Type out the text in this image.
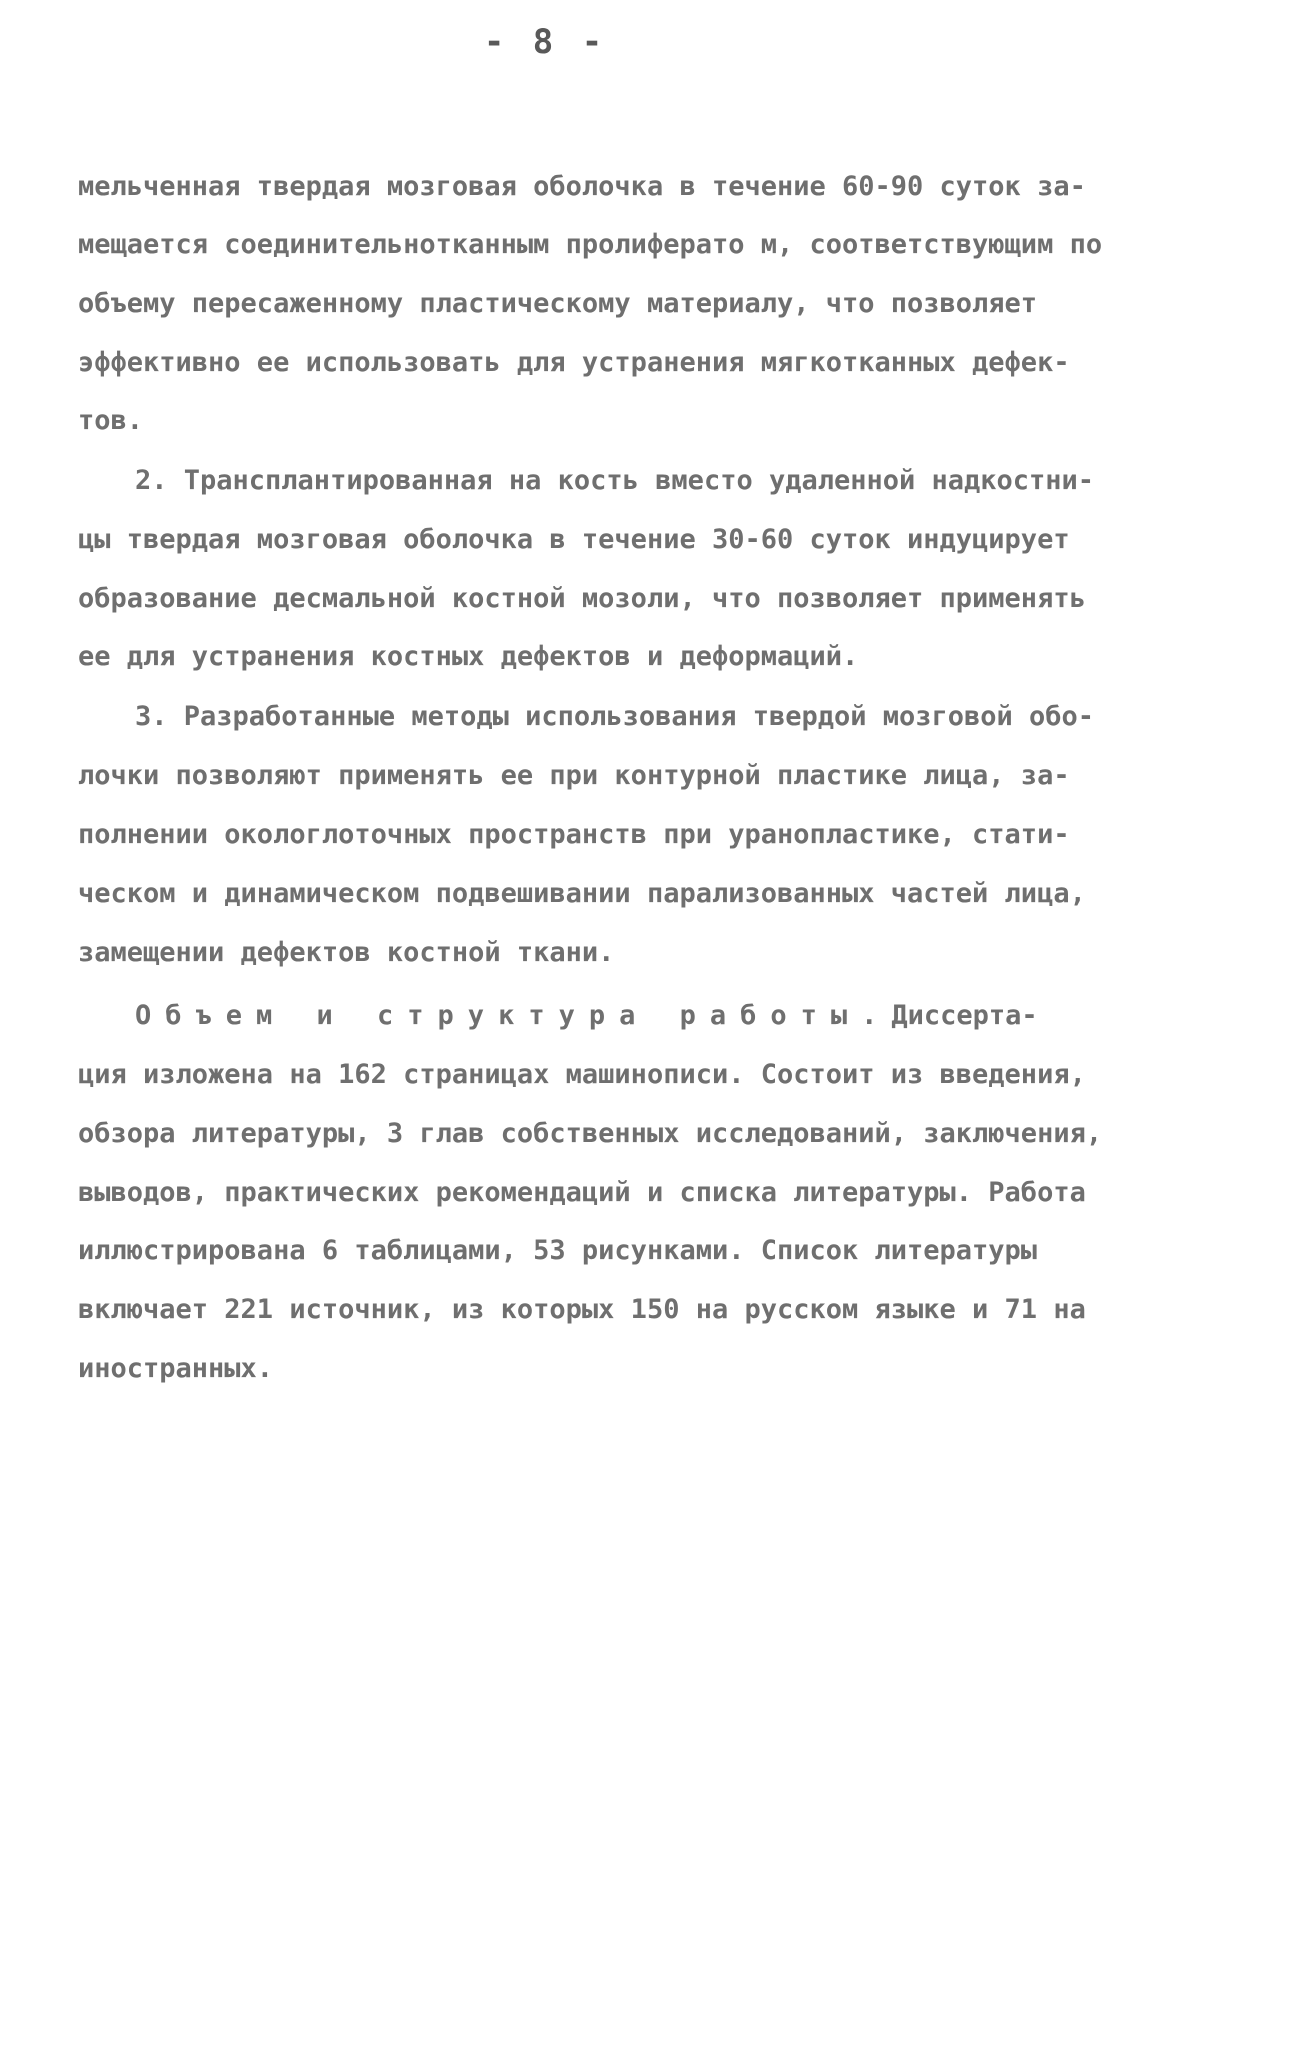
- 8 -
мельченная твердая мозговая оболочка в течение 60-90 суток за-
мещается соединительнотканным пролиферато м, соответствующим по
объему пересаженному пластическому материалу, что позволяет
эффективно ее использовать для устранения мягкотканных дефек-
тов.
2. Трансплантированная на кость вместо удаленной надкостни-
цы твердая мозговая оболочка в течение 30-60 суток индуцирует
образование десмальной костной мозоли, что позволяет применять
ее для устранения костных дефектов и деформаций.
3. Разработанные методы использования твердой мозговой обо-
лочки позволяют применять ее при контурной пластике лица, за-
полнении окологлоточных пространств при уранопластике, стати-
ческом и динамическом подвешивании парализованных частей лица,
замещении дефектов костной ткани.
Объем и структура работы.Диссерта-
ция изложена на 162 страницах машинописи. Состоит из введения,
обзора литературы, 3 глав собственных исследований, заключения,
выводов, практических рекомендаций и списка литературы. Работа
иллюстрирована 6 таблицами, 53 рисунками. Список литературы
включает 221 источник, из которых 150 на русском языке и 71 на
иностранных.
